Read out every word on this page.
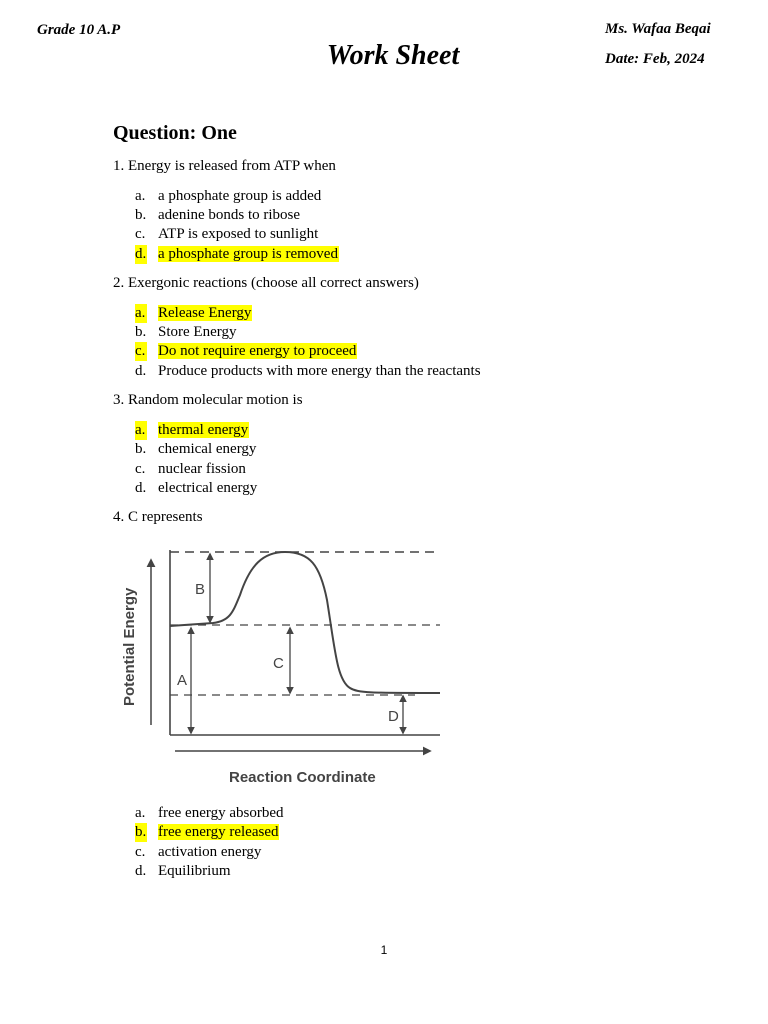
Grade 10 A.P
Work Sheet
Ms. Wafaa Beqai
Date: Feb, 2024
Question: One
1. Energy is released from ATP when
a. a phosphate group is added
b. adenine bonds to ribose
c. ATP is exposed to sunlight
d. a phosphate group is removed
2. Exergonic reactions (choose all correct answers)
a. Release Energy
b. Store Energy
c. Do not require energy to proceed
d. Produce products with more energy than the reactants
3. Random molecular motion is
a. thermal energy
b. chemical energy
c. nuclear fission
d. electrical energy
4. C represents
B
A
C
D
Potential Energy
Reaction Coordinate
a. free energy absorbed
b. free energy released
c. activation energy
d. Equilibrium
1
